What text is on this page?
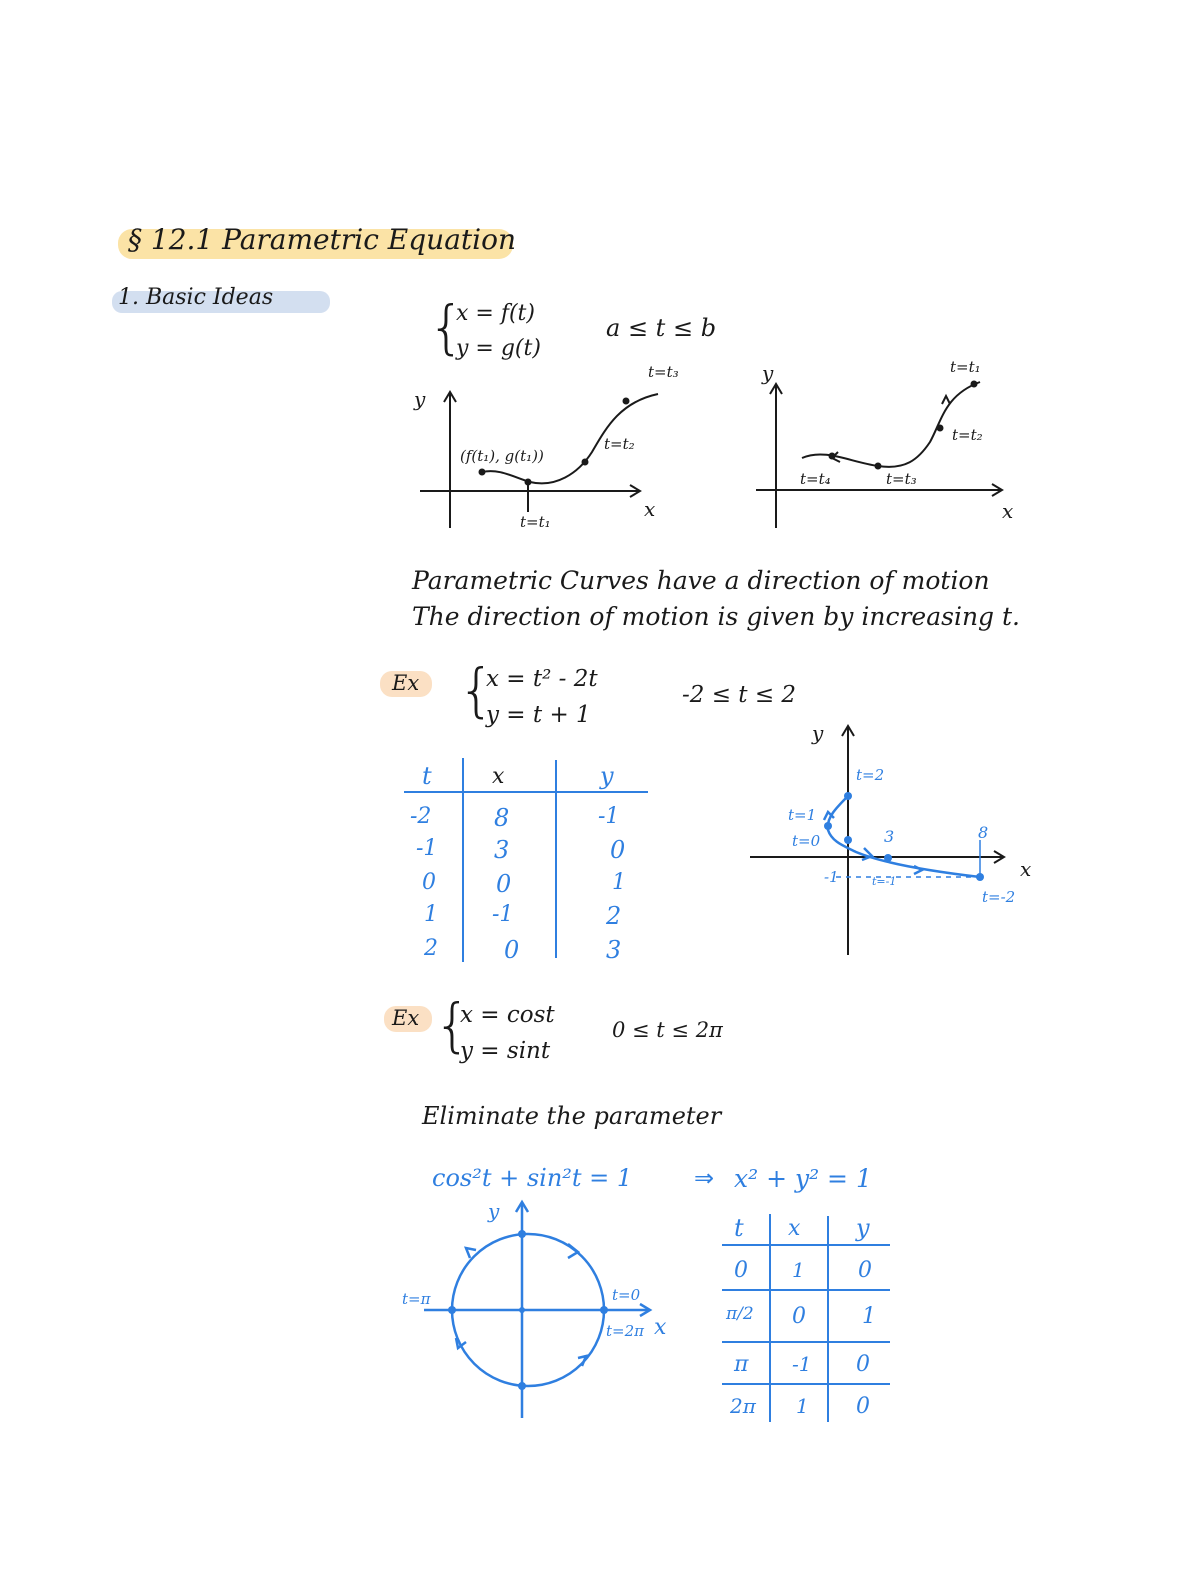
§ 12.1 Parametric Equation
1. Basic Ideas	{
x = f(t)
y = g(t)
a ≤ t ≤ b
y
x
t=t₃
t=t₂
(f(t₁), g(t₁))
t=t₁
y
x
t=t₁
t=t₂
t=t₄	t=t₃
Parametric Curves have a direction of motion
The direction of motion is given by increasing t.
Ex {
x = t² - 2t
y = t + 1
-2 ≤ t ≤ 2
t	x	y
-2	8	-1
-1 3	0
0	0	1
1 -1	2
2	0	3
y
x
t=2
t=1
t=0	3	8
-1	t=-1
t=-2
Ex {
x = cost
y = sint
0 ≤ t ≤ 2π
Eliminate the parameter
cos²t + sin²t = 1	⇒ x² + y² = 1
y
x
t=π	t=0
t=2π
t x y
0 1 0
π/2 0	1
π -1 0
2π 1 0
